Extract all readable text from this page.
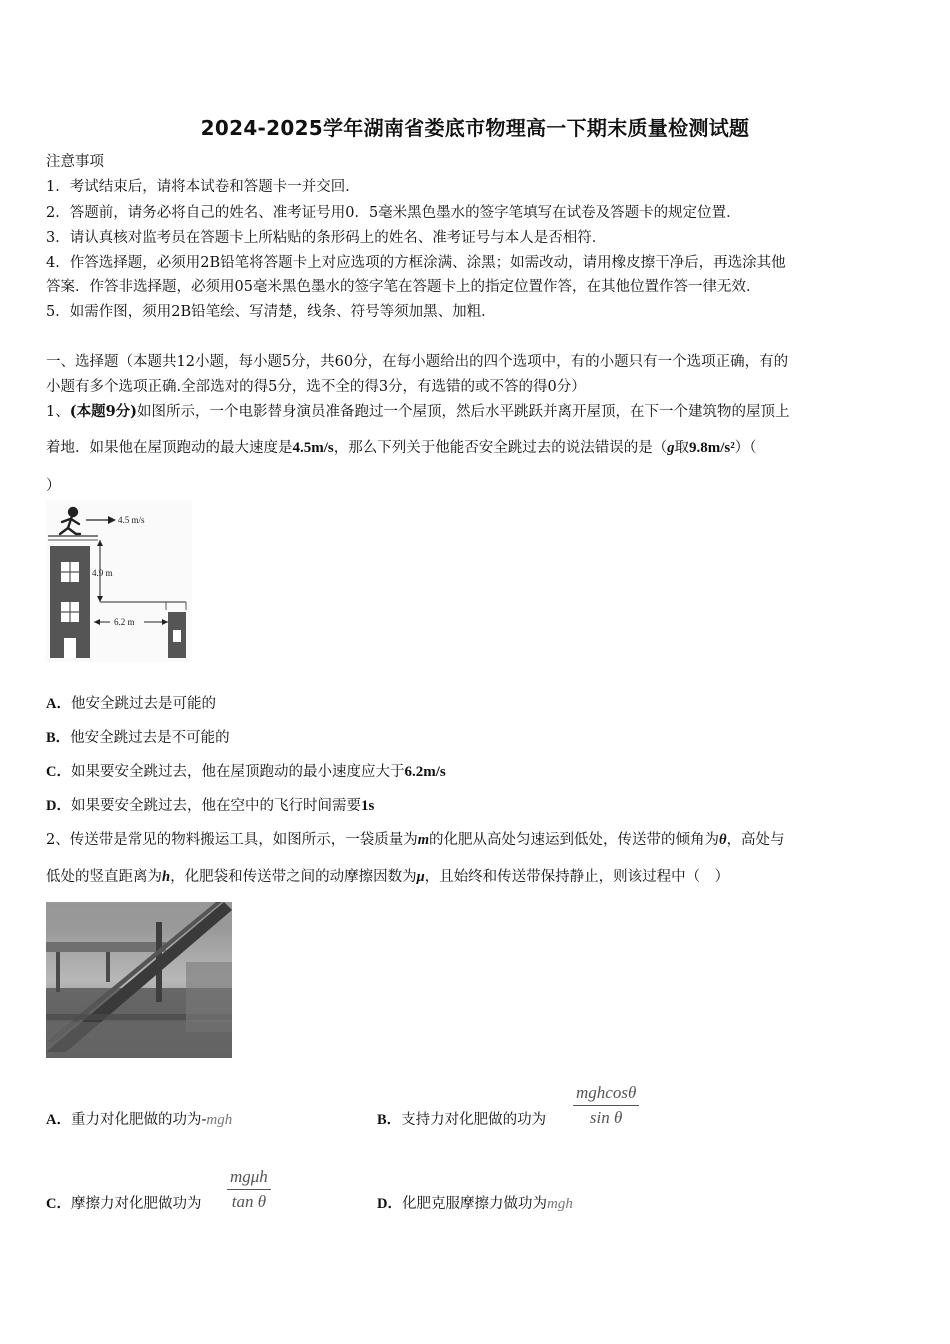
2024-2025学年湖南省娄底市物理高一下期末质量检测试题
注意事项
1．考试结束后，请将本试卷和答题卡一并交回．
2．答题前，请务必将自己的姓名、准考证号用0．5毫米黑色墨水的签字笔填写在试卷及答题卡的规定位置．
3．请认真核对监考员在答题卡上所粘贴的条形码上的姓名、准考证号与本人是否相符．
4．作答选择题，必须用2B铅笔将答题卡上对应选项的方框涂满、涂黑；如需改动，请用橡皮擦干净后，再选涂其他
答案．作答非选择题，必须用05毫米黑色墨水的签字笔在答题卡上的指定位置作答，在其他位置作答一律无效．
5．如需作图，须用2B铅笔绘、写清楚，线条、符号等须加黑、加粗．
一、选择题（本题共12小题，每小题5分，共60分，在每小题给出的四个选项中，有的小题只有一个选项正确，有的
小题有多个选项正确.全部选对的得5分，选不全的得3分，有选错的或不答的得0分）
1、(本题9分)如图所示，一个电影替身演员准备跑过一个屋顶，然后水平跳跃并离开屋顶，在下一个建筑物的屋顶上
着地．如果他在屋顶跑动的最大速度是4.5m/s，那么下列关于他能否安全跳过去的说法错误的是（g取9.8m/s²）（
）
4.5 m/s
4.9 m
6.2 m
A．他安全跳过去是可能的
B．他安全跳过去是不可能的
C．如果要安全跳过去，他在屋顶跑动的最小速度应大于6.2m/s
D．如果要安全跳过去，他在空中的飞行时间需要1s
2、传送带是常见的物料搬运工具，如图所示，一袋质量为m的化肥从高处匀速运到低处，传送带的倾角为θ，高处与
低处的竖直距离为h，化肥袋和传送带之间的动摩擦因数为μ，且始终和传送带保持静止，则该过程中（　）
A．重力对化肥做的功为-mgh	B．支持力对化肥做的功为
mghcosθ
sin θ
C．摩擦力对化肥做功为
mgμh
tan θ	D．化肥克服摩擦力做功为mgh
